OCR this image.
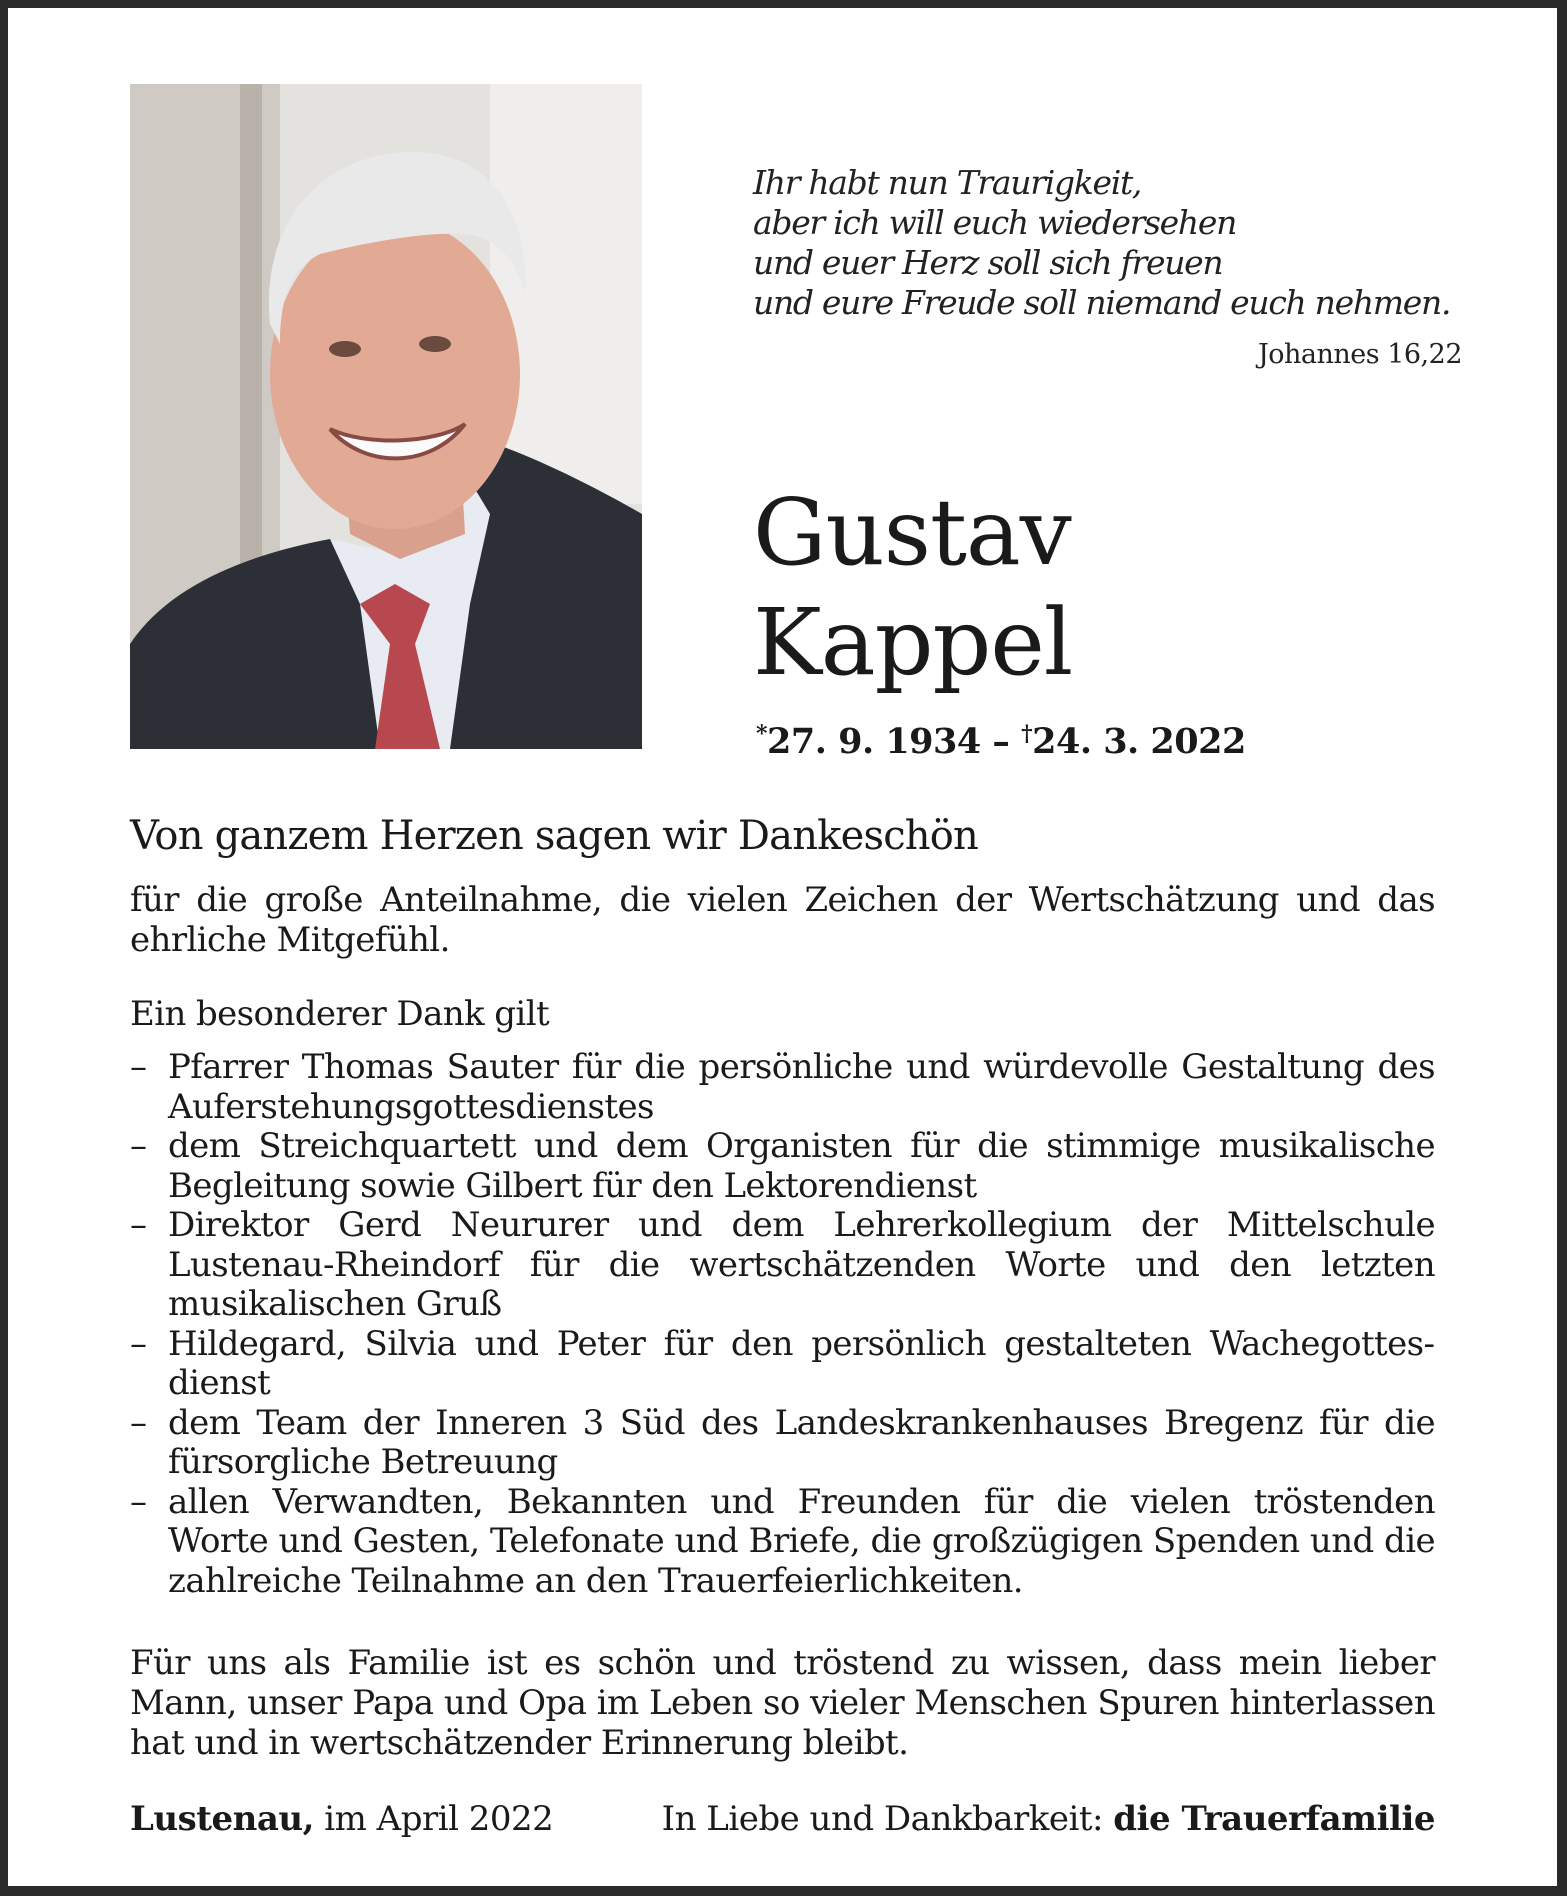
Ihr habt nun Traurigkeit,
aber ich will euch wiedersehen
und euer Herz soll sich freuen
und eure Freude soll niemand euch nehmen.
Johannes 16,22
Gustav
Kappel
*27. 9. 1934 – †24. 3. 2022
Von ganzem Herzen sagen wir Dankeschön
für die große Anteilnahme, die vielen Zeichen der Wertschätzung und das ehrliche Mitgefühl.
Ein besonderer Dank gilt
– Pfarrer Thomas Sauter für die persönliche und würdevolle Gestaltung des Auferstehungsgottesdienstes
– dem Streichquartett und dem Organisten für die stimmige musikalische Begleitung sowie Gilbert für den Lektorendienst
– Direktor Gerd Neururer und dem Lehrerkollegium der Mittelschule Lustenau-Rheindorf für die wertschätzenden Worte und den letzten musikalischen Gruß
– Hildegard, Silvia und Peter für den persönlich gestalteten Wachegottesdienst
– dem Team der Inneren 3 Süd des Landeskrankenhauses Bregenz für die fürsorgliche Betreuung
– allen Verwandten, Bekannten und Freunden für die vielen tröstenden Worte und Gesten, Telefonate und Briefe, die großzügigen Spenden und die zahlreiche Teilnahme an den Trauerfeierlichkeiten.
Für uns als Familie ist es schön und tröstend zu wissen, dass mein lieber Mann, unser Papa und Opa im Leben so vieler Menschen Spuren hinterlassen hat und in wertschätzender Erinnerung bleibt.
Lustenau, im April 2022	In Liebe und Dankbarkeit: die Trauerfamilie
